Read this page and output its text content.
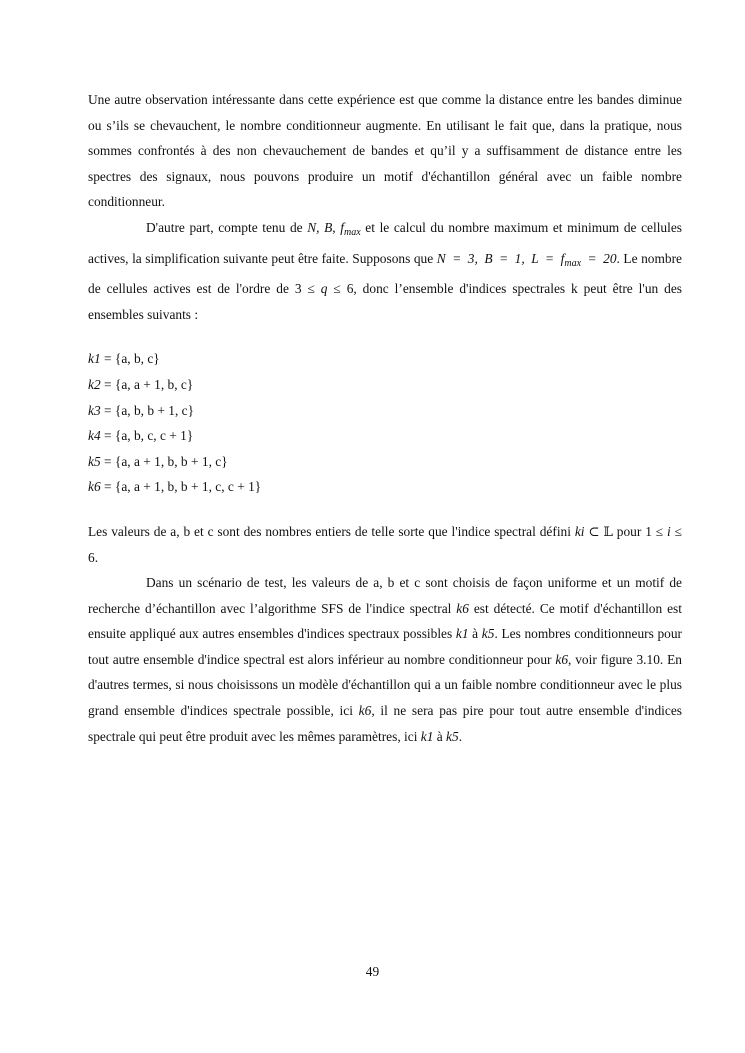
Une autre observation intéressante dans cette expérience est que comme la distance entre les bandes diminue ou s’ils se chevauchent, le nombre conditionneur augmente. En utilisant le fait que, dans la pratique, nous sommes confrontés à des non chevauchement de bandes et qu’il y a suffisamment de distance entre les spectres des signaux, nous pouvons produire un motif d'échantillon général avec un faible nombre conditionneur.

D'autre part, compte tenu de N, B, $f_{max}$ et le calcul du nombre maximum et minimum de cellules actives, la simplification suivante peut être faite. Supposons que N = 3, B = 1, $L = f_{max} = 20$. Le nombre de cellules actives est de l'ordre de 3 ≤ q ≤ 6, donc l’ensemble d'indices spectrales k peut être l'un des ensembles suivants :

k1 = {a, b, c}

k2 = {a, a + 1, b, c}

k3 = {a, b, b + 1, c}

k4 = {a, b, c, c + 1}

k5 = {a, a + 1, b, b + 1, c}

k6 = {a, a + 1, b, b + 1, c, c + 1}

Les valeurs de a, b et c sont des nombres entiers de telle sorte que l'indice spectral défini ki ⊂ 𝕃 pour 1 ≤ i ≤ 6.

Dans un scénario de test, les valeurs de a, b et c sont choisis de façon uniforme et un motif de recherche d’échantillon avec l’algorithme SFS de l'indice spectral k6 est détecté. Ce motif d'échantillon est ensuite appliqué aux autres ensembles d'indices spectraux possibles k1 à k5. Les nombres conditionneurs pour tout autre ensemble d'indice spectral est alors inférieur au nombre conditionneur pour k6, voir figure 3.10. En d'autres termes, si nous choisissons un modèle d'échantillon qui a un faible nombre conditionneur avec le plus grand ensemble d'indices spectrale possible, ici k6, il ne sera pas pire pour tout autre ensemble d'indices spectrale qui peut être produit avec les mêmes paramètres, ici k1 à k5.

49
